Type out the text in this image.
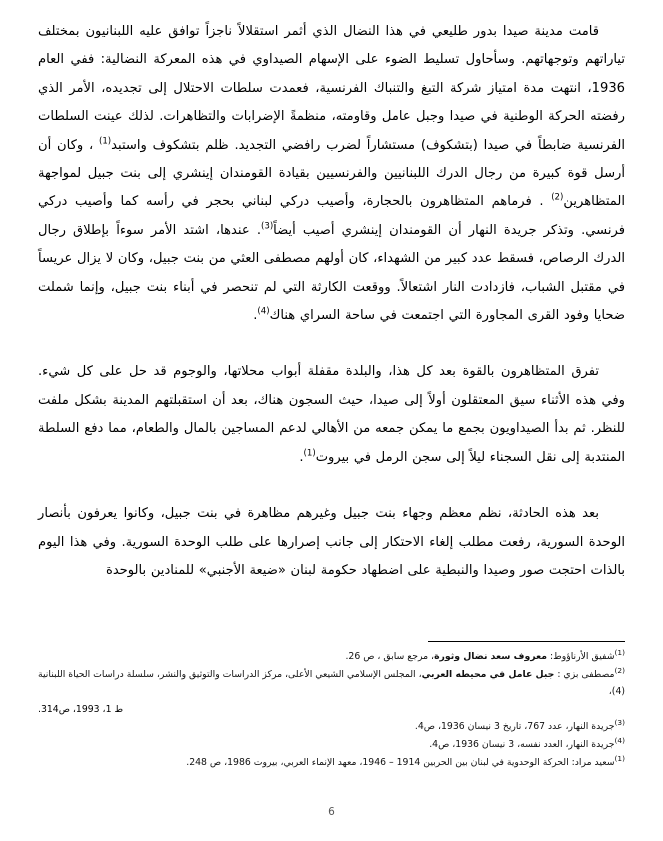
قامت مدينة صيدا بدور طليعي في هذا النضال الذي أثمر استقلالاً ناجزاً توافق عليه اللبنانيون بمختلف تياراتهم وتوجهاتهم. وسأحاول تسليط الضوء على الإسهام الصيداوي في هذه المعركة النضالية: ففي العام 1936، انتهت مدة امتياز شركة التبغ والتنباك الفرنسية، فعمدت سلطات الاحتلال إلى تجديده، الأمر الذي رفضته الحركة الوطنية في صيدا وجبل عامل وقاومته، منظمةً الإضرابات والتظاهرات. لذلك عينت السلطات الفرنسية ضابطاً في صيدا (بتشكوف) مستشاراً لضرب رافضي التجديد. ظلم بتشكوف واستبد$^{(1)}$ ، وكان أن أرسل قوة كبيرة من رجال الدرك اللبنانيين والفرنسيين بقيادة القومندان إينشري إلى بنت جبيل لمواجهة المتظاهرين$^{(2)}$ . فرماهم المتظاهرون بالحجارة، وأصيب دركي لبناني بحجر في رأسه كما وأصيب دركي فرنسي. وتذكر جريدة النهار أن القومندان إينشري أصيب أيضاً$^{(3)}$. عندها، اشتد الأمر سوءاً بإطلاق رجال الدرك الرصاص، فسقط عدد كبير من الشهداء، كان أولهم مصطفى العثي من بنت جبيل، وكان لا يزال عريساً في مقتبل الشباب، فازدادت النار اشتعالاً. ووقعت الكارثة التي لم تنحصر في أبناء بنت جبيل، وإنما شملت ضحايا وفود القرى المجاورة التي اجتمعت في ساحة السراي هناك$^{(4)}$.

تفرق المتظاهرون بالقوة بعد كل هذا، والبلدة مقفلة أبواب محلاتها، والوجوم قد حل على كل شيء. وفي هذه الأثناء سيق المعتقلون أولاً إلى صيدا، حيث السجون هناك، بعد أن استقبلتهم المدينة بشكل ملفت للنظر. ثم بدأ الصيداويون بجمع ما يمكن جمعه من الأهالي لدعم المساجين بالمال والطعام، مما دفع السلطة المنتدبة إلى نقل السجناء ليلاً إلى سجن الرمل في بيروت$^{(1)}$.

بعد هذه الحادثة، نظم معظم وجهاء بنت جبيل وغيرهم مظاهرة في بنت جبيل، وكانوا يعرفون بأنصار الوحدة السورية، رفعت مطلب إلغاء الاحتكار إلى جانب إصرارها على طلب الوحدة السورية. وفي هذا اليوم بالذات احتجت صور وصيدا والنبطية على اضطهاد حكومة لبنان «ضيعة الأجنبي» للمنادين بالوحدة

$^{(1)}$شفيق الأرناؤوط: معروف سعد نضال وثورة، مرجع سابق ، ص 26.

$^{(2)}$مصطفى بزي : جبل عامل في محيطه العربي، المجلس الإسلامي الشيعي الأعلى، مركز الدراسات والتوثيق والنشر، سلسلة دراسات الحياة اللبنانية (4)،

ط 1، 1993، ص314.

$^{(3)}$جريدة النهار، عدد 767، تاريخ 3 نيسان 1936، ص4.

$^{(4)}$جريدة النهار، العدد نفسه، 3 نيسان 1936، ص4.

$^{(1)}$سعيد مراد: الحركة الوحدوية في لبنان بين الحربين 1914 – 1946، معهد الإنماء العربي، بيروت 1986، ص 248.

6
